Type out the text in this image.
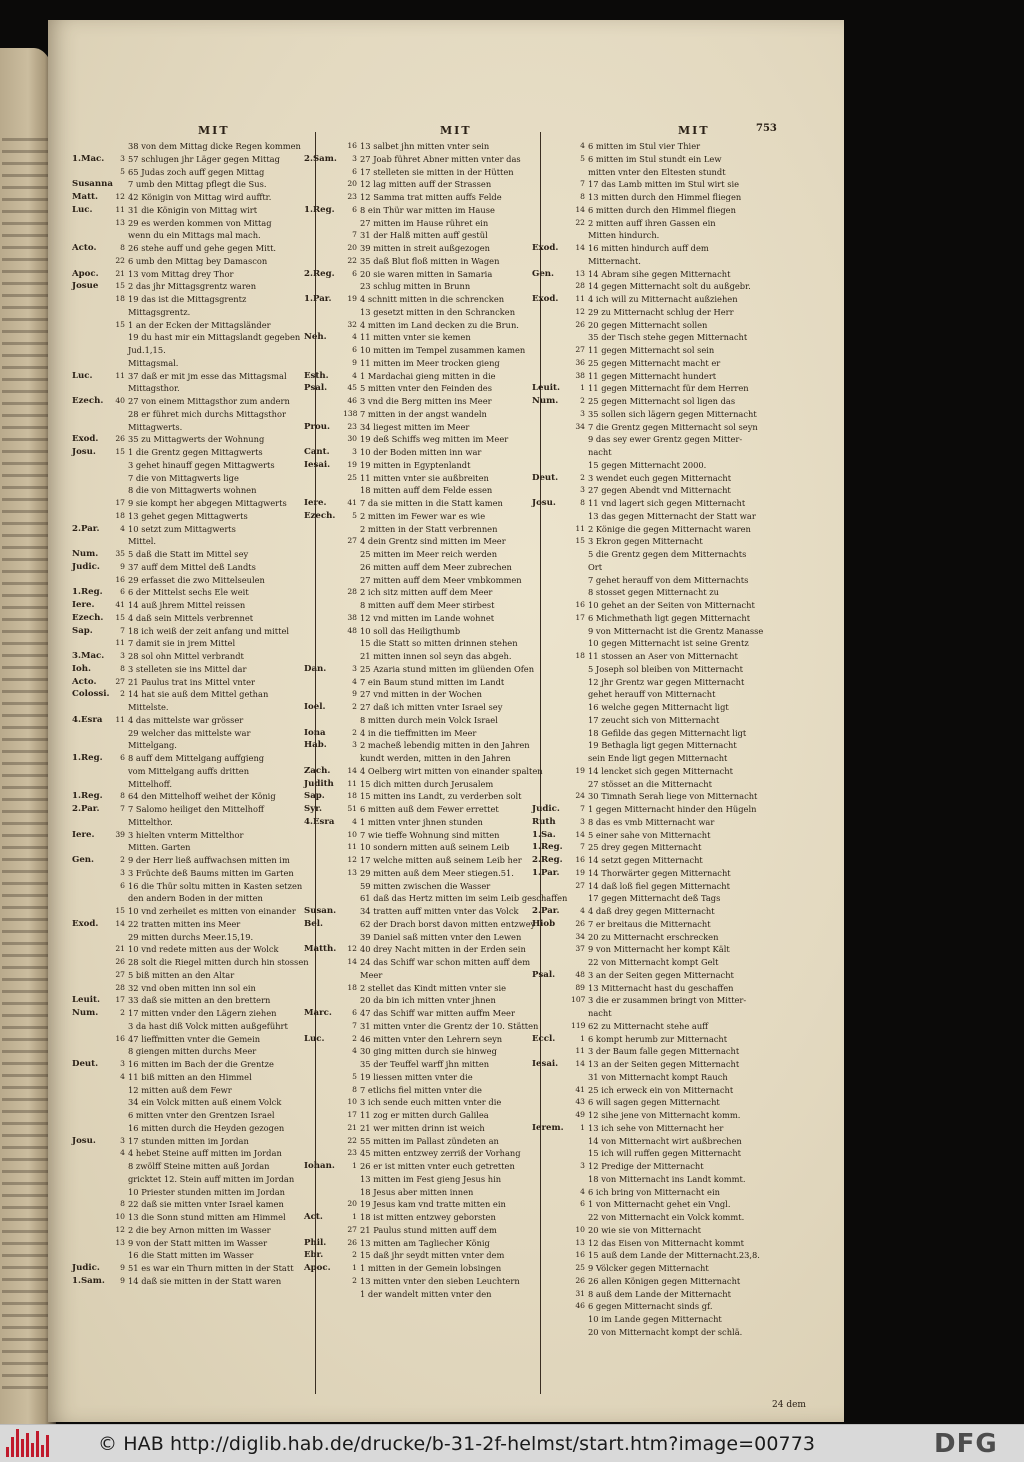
MIT	MIT	MIT	753
38 von dem Mittag dicke Regen kommen
1.Mac.	3 57 schlugen jhr Läger gegen Mittag
5 65 Judas zoch auff gegen Mittag
Susanna 7 umb den Mittag pflegt die Sus.
Matt.	12 42 Königin von Mittag wird aufftr.
Luc.	11 31 die Königin von Mittag wirt
13 29 es werden kommen von Mittag
wenn du ein Mittags mal mach.
Acto.	8 26 stehe auff und gehe gegen Mitt.
22 6 umb den Mittag bey Damascon
Apoc.	21 13 vom Mittag drey Thor
Josue	15 2 das jhr Mittagsgrentz waren
18 19 das ist die Mittagsgrentz
Mittagsgrentz.
15 1 an der Ecken der Mittagsländer
19 du hast mir ein Mittagslandt gegeben
Jud.1,15.
Mittagsmal.
Luc.	11 37 daß er mit jm esse das Mittagsmal
Mittagsthor.
Ezech.	40 27 von einem Mittagsthor zum andern
28 er führet mich durchs Mittagsthor
Mittagwerts.
Exod.	26 35 zu Mittagwerts der Wohnung
Josu.	15 1 die Grentz gegen Mittagwerts
3 gehet hinauff gegen Mittagwerts
7 die von Mittagwerts lige
8 die von Mittagwerts wohnen
17 9 sie kompt her abgegen Mittagwerts
18 13 gehet gegen Mittagwerts
2.Par.	4 10 setzt zum Mittagwerts
Mittel.
Num.	35 5 daß die Statt im Mittel sey
Judic.	9 37 auff dem Mittel deß Landts
16 29 erfasset die zwo Mittelseulen
1.Reg.	6 6 der Mittelst sechs Ele weit
Iere.	41 14 auß jhrem Mittel reissen
Ezech.	15 4 daß sein Mittels verbrennet
Sap.	7 18 ich weiß der zeit anfang und mittel
11 7 damit sie in jrem Mittel
3.Mac.	3 28 sol ohn Mittel verbrandt
Ioh.	8 3 stelleten sie ins Mittel dar
Acto.	27 21 Paulus trat ins Mittel vnter
Colossi.	2 14 hat sie auß dem Mittel gethan
Mittelste.
4.Esra	11 4 das mittelste war grösser
29 welcher das mittelste war
Mittelgang.
1.Reg.	6 8 auff dem Mittelgang auffgieng
vom Mittelgang auffs dritten
Mittelhoff.
1.Reg.	8 64 den Mittelhoff weihet der König
2.Par.	7 7 Salomo heiliget den Mittelhoff
Mittelthor.
Iere.	39 3 hielten vnterm Mittelthor
Mitten. Garten
Gen.	2 9 der Herr ließ auffwachsen mitten im
3 3 Früchte deß Baums mitten im Garten
6 16 die Thür soltu mitten in Kasten setzen
den andern Boden in der mitten
15 10 vnd zerheilet es mitten von einander
Exod.	14 22 tratten mitten ins Meer
29 mitten durchs Meer.15,19.
21 10 vnd redete mitten aus der Wolck
26 28 solt die Riegel mitten durch hin stossen
27 5 biß mitten an den Altar
28 32 vnd oben mitten inn sol ein
Leuit.	17 33 daß sie mitten an den brettern
Num.	2 17 mitten vnder den Lägern ziehen
3 da hast diß Volck mitten außgeführt
16 47 lieffmitten vnter die Gemein
8 giengen mitten durchs Meer
Deut.	3 16 mitten im Bach der die Grentze
4 11 biß mitten an den Himmel
12 mitten auß dem Fewr
34 ein Volck mitten auß einem Volck
6 mitten vnter den Grentzen Israel
16 mitten durch die Heyden gezogen
Josu.	3 17 stunden mitten im Jordan
4 4 hebet Steine auff mitten im Jordan
8 zwölff Steine mitten auß Jordan
gricktet 12. Stein auff mitten im Jordan
10 Priester stunden mitten im Jordan
8 22 daß sie mitten vnter Israel kamen
10 13 die Sonn stund mitten am Himmel
12 2 die bey Arnon mitten im Wasser
13 9 von der Statt mitten im Wasser
16 die Statt mitten im Wasser
Judic.	9 51 es war ein Thurn mitten in der Statt
1.Sam.	9 14 daß sie mitten in der Statt waren
16 13 salbet jhn mitten vnter sein
2.Sam.	3 27 Joab führet Abner mitten vnter das
6 17 stelleten sie mitten in der Hütten
20 12 lag mitten auff der Strassen
23 12 Samma trat mitten auffs Felde
1.Reg.	6 8 ein Thür war mitten im Hause
27 mitten im Hause rühret ein
7 31 der Halß mitten auff gestül
20 39 mitten in streit außgezogen
22 35 daß Blut floß mitten in Wagen
2.Reg.	6 20 sie waren mitten in Samaria
23 schlug mitten in Brunn
1.Par.	19 4 schnitt mitten in die schrencken
13 gesetzt mitten in den Schrancken
32 4 mitten im Land decken zu die Brun.
Neh.	4 11 mitten vnter sie kemen
6 10 mitten im Tempel zusammen kamen
9 11 mitten im Meer trocken gieng
Esth.	4 1 Mardachai gieng mitten in die
Psal.	45 5 mitten vnter den Feinden des
46 3 vnd die Berg mitten ins Meer
138 7 mitten in der angst wandeln
Prou.	23 34 liegest mitten im Meer
30 19 deß Schiffs weg mitten im Meer
Cant.	3 10 der Boden mitten inn war
Iesai.	19 19 mitten in Egyptenlandt
25 11 mitten vnter sie außbreiten
18 mitten auff dem Felde essen
Iere.	41 7 da sie mitten in die Statt kamen
Ezech.	5 2 mitten im Fewer war es wie
2 mitten in der Statt verbrennen
27 4 dein Grentz sind mitten im Meer
25 mitten im Meer reich werden
26 mitten auff dem Meer zubrechen
27 mitten auff dem Meer vmbkommen
28 2 ich sitz mitten auff dem Meer
8 mitten auff dem Meer stirbest
38 12 vnd mitten im Lande wohnet
48 10 soll das Heiligthumb
15 die Statt so mitten drinnen stehen
21 mitten innen sol seyn das abgeh.
Dan.	3 25 Azaria stund mitten im glüenden Ofen
4 7 ein Baum stund mitten im Landt
9 27 vnd mitten in der Wochen
Ioel.	2 27 daß ich mitten vnter Israel sey
8 mitten durch mein Volck Israel
Iona	2 4 in die tieffmitten im Meer
Hab.	3 2 macheß lebendig mitten in den Jahren
kundt werden, mitten in den Jahren
Zach.	14 4 Oelberg wirt mitten von einander spalten
Judith	11 15 dich mitten durch Jerusalem
Sap.	18 15 mitten ins Landt, zu verderben solt
Syr.	51 6 mitten auß dem Fewer errettet
4.Esra	4 1 mitten vnter jhnen stunden
10 7 wie tieffe Wohnung sind mitten
11 10 sondern mitten auß seinem Leib
12 17 welche mitten auß seinem Leib her
13 29 mitten auß dem Meer stiegen.51.
59 mitten zwischen die Wasser
61 daß das Hertz mitten im seim Leib geschaffen
Susan.	34 tratten auff mitten vnter das Volck
Bel.	62 der Drach borst davon mitten entzwey
39 Daniel saß mitten vnter den Lewen
Matth.	12 40 drey Nacht mitten in der Erden sein
14 24 das Schiff war schon mitten auff dem
Meer
18 2 stellet das Kindt mitten vnter sie
20 da bin ich mitten vnter jhnen
Marc.	6 47 das Schiff war mitten auffm Meer
7 31 mitten vnter die Grentz der 10. Stätten
Luc.	2 46 mitten vnter den Lehrern seyn
4 30 ging mitten durch sie hinweg
35 der Teuffel warff jhn mitten
5 19 liessen mitten vnter die
8 7 etlichs fiel mitten vnter die
10 3 ich sende euch mitten vnter die
17 11 zog er mitten durch Galilea
21 21 wer mitten drinn ist weich
22 55 mitten im Pallast zündeten an
23 45 mitten entzwey zerriß der Vorhang
Iohan.	1 26 er ist mitten vnter euch getretten
13 mitten im Fest gieng Jesus hin
18 Jesus aber mitten innen
20 19 Jesus kam vnd tratte mitten ein
Act.	1 18 ist mitten entzwey geborsten
27 21 Paulus stund mitten auff dem
Phil.	26 13 mitten am Tagliecher König
Ebr.	2 15 daß jhr seydt mitten vnter dem
Apoc.	1 1 mitten in der Gemein lobsingen
2 13 mitten vnter den sieben Leuchtern
1 der wandelt mitten vnter den
4 6 mitten im Stul vier Thier
5 6 mitten im Stul stundt ein Lew
mitten vnter den Eltesten stundt
7 17 das Lamb mitten im Stul wirt sie
8 13 mitten durch den Himmel fliegen
14 6 mitten durch den Himmel fliegen
22 2 mitten auff ihren Gassen ein
Mitten hindurch.
Exod.	14 16 mitten hindurch auff dem
Mitternacht.
Gen.	13 14 Abram sihe gegen Mitternacht
28 14 gegen Mitternacht solt du außgebr.
Exod.	11 4 ich will zu Mitternacht außziehen
12 29 zu Mitternacht schlug der Herr
26 20 gegen Mitternacht sollen
35 der Tisch stehe gegen Mitternacht
27 11 gegen Mitternacht sol sein
36 25 gegen Mitternacht macht er
38 11 gegen Mitternacht hundert
Leuit.	1 11 gegen Mitternacht für dem Herren
Num.	2 25 gegen Mitternacht sol ligen das
3 35 sollen sich lägern gegen Mitternacht
34 7 die Grentz gegen Mitternacht sol seyn
9 das sey ewer Grentz gegen Mitter-
nacht
15 gegen Mitternacht 2000.
Deut.	2 3 wendet euch gegen Mitternacht
3 27 gegen Abendt vnd Mitternacht
Josu.	8 11 vnd lagert sich gegen Mitternacht
13 das gegen Mitternacht der Statt war
11 2 Könige die gegen Mitternacht waren
15 3 Ekron gegen Mitternacht
5 die Grentz gegen dem Mitternachts
Ort
7 gehet herauff von dem Mitternachts
8 stosset gegen Mitternacht zu
16 10 gehet an der Seiten von Mitternacht
17 6 Michmethath ligt gegen Mitternacht
9 von Mitternacht ist die Grentz Manasse
10 gegen Mitternacht ist seine Grentz
18 11 stossen an Aser von Mitternacht
5 Joseph sol bleiben von Mitternacht
12 jhr Grentz war gegen Mitternacht
gehet herauff von Mitternacht
16 welche gegen Mitternacht ligt
17 zeucht sich von Mitternacht
18 Gefilde das gegen Mitternacht ligt
19 Bethagla ligt gegen Mitternacht
sein Ende ligt gegen Mitternacht
19 14 lencket sich gegen Mitternacht
27 stösset an die Mitternacht
24 30 Timnath Serah liege von Mitternacht
Judic.	7 1 gegen Mitternacht hinder den Hügeln
Ruth	3 8 das es vmb Mitternacht war
1.Sa.	14 5 einer sahe von Mitternacht
1.Reg.	7 25 drey gegen Mitternacht
2.Reg.	16 14 setzt gegen Mitternacht
1.Par.	19 14 Thorwärter gegen Mitternacht
27 14 daß loß fiel gegen Mitternacht
17 gegen Mitternacht deß Tags
2.Par.	4 4 daß drey gegen Mitternacht
Hiob	26 7 er breitaus die Mitternacht
34 20 zu Mitternacht erschrecken
37 9 von Mitternacht her kompt Kält
22 von Mitternacht kompt Gelt
Psal.	48 3 an der Seiten gegen Mitternacht
89 13 Mitternacht hast du geschaffen
107 3 die er zusammen bringt von Mitter-
nacht
119 62 zu Mitternacht stehe auff
Eccl.	1 6 kompt herumb zur Mitternacht
11 3 der Baum falle gegen Mitternacht
Iesai.	14 13 an der Seiten gegen Mitternacht
31 von Mitternacht kompt Rauch
41 25 ich erweck ein von Mitternacht
43 6 will sagen gegen Mitternacht
49 12 sihe jene von Mitternacht komm.
Ierem.	1 13 ich sehe von Mitternacht her
14 von Mitternacht wirt außbrechen
15 ich will ruffen gegen Mitternacht
3 12 Predige der Mitternacht
18 von Mitternacht ins Landt kommt.
4 6 ich bring von Mitternacht ein
6 1 von Mitternacht gehet ein Vngl.
22 von Mitternacht ein Volck kommt.
10 20 wie sie von Mitternacht
13 12 das Eisen von Mitternacht kommt
16 15 auß dem Lande der Mitternacht.23,8.
25 9 Völcker gegen Mitternacht
26 26 allen Königen gegen Mitternacht
31 8 auß dem Lande der Mitternacht
46 6 gegen Mitternacht sinds gf.
10 im Lande gegen Mitternacht
20 von Mitternacht kompt der schlä.
24 dem
© HAB http://diglib.hab.de/drucke/b-31-2f-helmst/start.htm?image=00773	DFG
